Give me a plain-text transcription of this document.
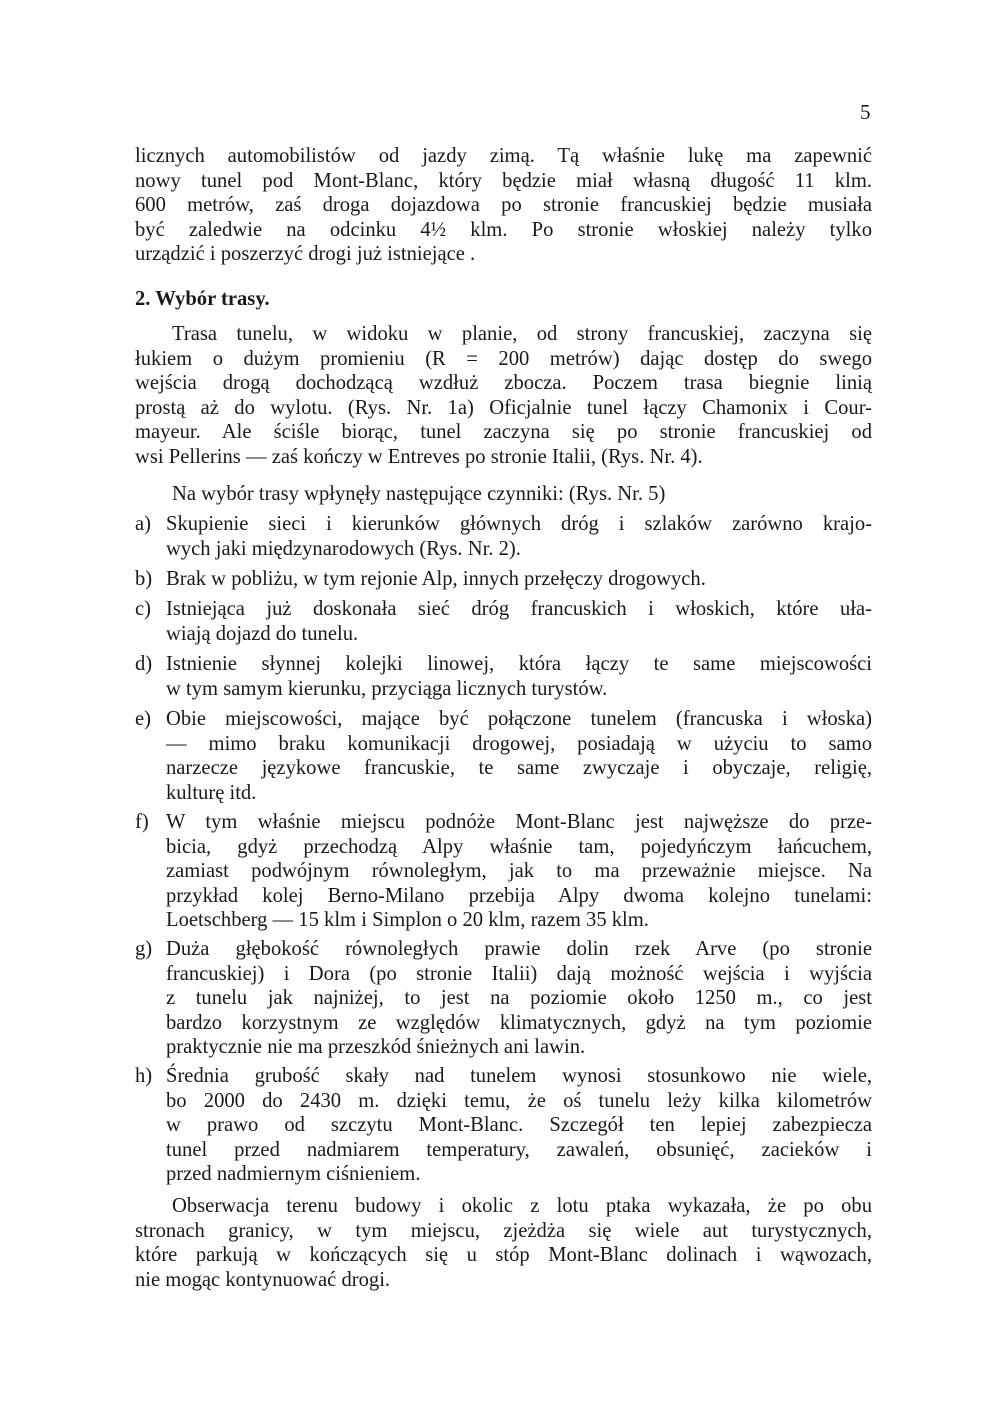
5
licznych automobilistów od jazdy zimą. Tą właśnie lukę ma zapewnić
nowy tunel pod Mont-Blanc, który będzie miał własną długość 11 klm.
600 metrów, zaś droga dojazdowa po stronie francuskiej będzie musiała
być zaledwie na odcinku 4½ klm. Po stronie włoskiej należy tylko
urządzić i poszerzyć drogi już istniejące .
2. Wybór trasy.
Trasa tunelu, w widoku w planie, od strony francuskiej, zaczyna się
łukiem o dużym promieniu (R = 200 metrów) dając dostęp do swego
wejścia drogą dochodzącą wzdłuż zbocza. Poczem trasa biegnie linią
prostą aż do wylotu. (Rys. Nr. 1a) Oficjalnie tunel łączy Chamonix i Cour-
mayeur. Ale ściśle biorąc, tunel zaczyna się po stronie francuskiej od
wsi Pellerins — zaś kończy w Entreves po stronie Italii, (Rys. Nr. 4).
Na wybór trasy wpłynęły następujące czynniki: (Rys. Nr. 5)
a) Skupienie sieci i kierunków głównych dróg i szlaków zarówno krajo-
wych jaki międzynarodowych (Rys. Nr. 2).
b) Brak w pobliżu, w tym rejonie Alp, innych przełęczy drogowych.
c) Istniejąca już doskonała sieć dróg francuskich i włoskich, które uła-
wiają dojazd do tunelu.
d) Istnienie słynnej kolejki linowej, która łączy te same miejscowości
w tym samym kierunku, przyciąga licznych turystów.
e) Obie miejscowości, mające być połączone tunelem (francuska i włoska)
— mimo braku komunikacji drogowej, posiadają w użyciu to samo
narzecze językowe francuskie, te same zwyczaje i obyczaje, religię,
kulturę itd.
f) W tym właśnie miejscu podnóże Mont-Blanc jest najwęższe do prze-
bicia, gdyż przechodzą Alpy właśnie tam, pojedyńczym łańcuchem,
zamiast podwójnym równoległym, jak to ma przeważnie miejsce. Na
przykład kolej Berno-Milano przebija Alpy dwoma kolejno tunelami:
Loetschberg — 15 klm i Simplon o 20 klm, razem 35 klm.
g) Duża głębokość równoległych prawie dolin rzek Arve (po stronie
francuskiej) i Dora (po stronie Italii) dają możność wejścia i wyjścia
z tunelu jak najniżej, to jest na poziomie około 1250 m., co jest
bardzo korzystnym ze względów klimatycznych, gdyż na tym poziomie
praktycznie nie ma przeszkód śnieżnych ani lawin.
h) Średnia grubość skały nad tunelem wynosi stosunkowo nie wiele,
bo 2000 do 2430 m. dzięki temu, że oś tunelu leży kilka kilometrów
w prawo od szczytu Mont-Blanc. Szczegół ten lepiej zabezpiecza
tunel przed nadmiarem temperatury, zawaleń, obsunięć, zacieków i
przed nadmiernym ciśnieniem.
Obserwacja terenu budowy i okolic z lotu ptaka wykazała, że po obu
stronach granicy, w tym miejscu, zjeżdża się wiele aut turystycznych,
które parkują w kończących się u stóp Mont-Blanc dolinach i wąwozach,
nie mogąc kontynuować drogi.
